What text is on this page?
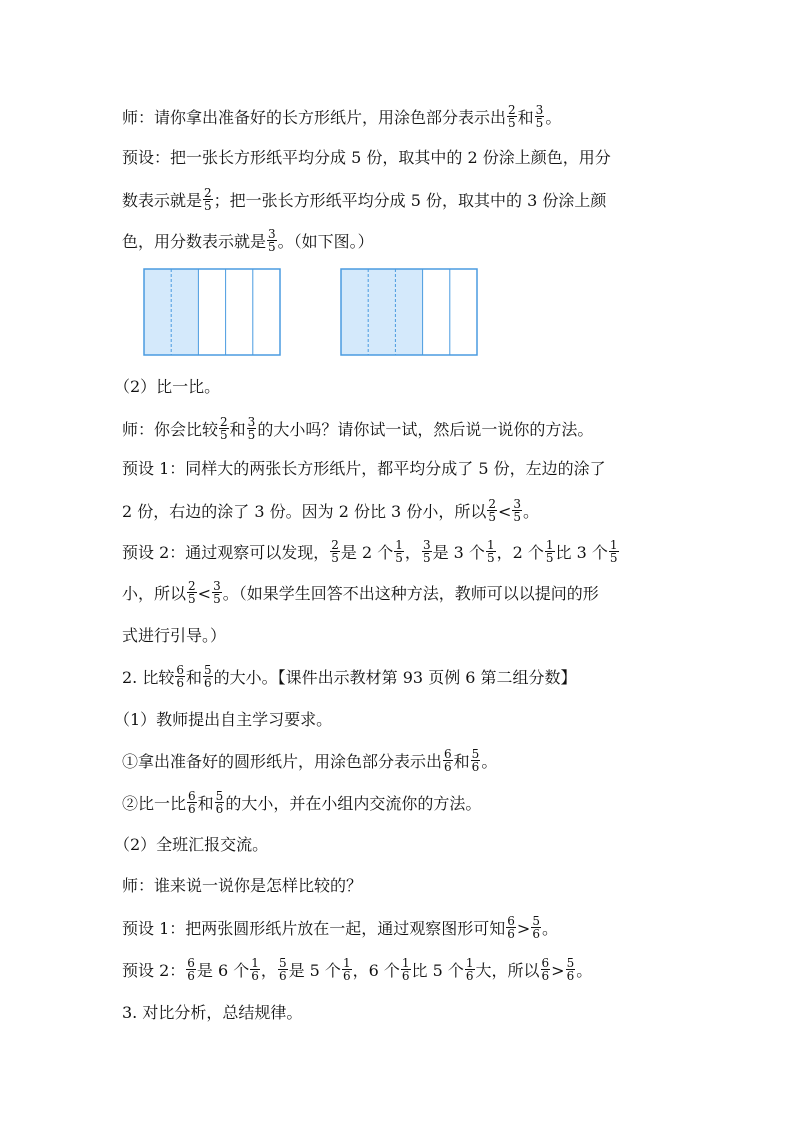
师：请你拿出准备好的长方形纸片，用涂色部分表示出 $\frac{2}{5}$ 和 $\frac{3}{5}$ 。
预设：把一张长方形纸平均分成 5 份，取其中的 2 份涂上颜色，用分
数表示就是 $\frac{2}{5}$ ；把一张长方形纸平均分成 5 份，取其中的 3 份涂上颜
色，用分数表示就是 $\frac{3}{5}$ 。（如下图。）
（2）比一比。
师：你会比较 $\frac{2}{5}$ 和 $\frac{3}{5}$ 的大小吗？请你试一试，然后说一说你的方法。
预设 1：同样大的两张长方形纸片，都平均分成了 5 份，左边的涂了
2 份，右边的涂了 3 份。因为 2 份比 3 份小，所以 $\frac{2}{5} < \frac{3}{5}$ 。
预设 2：通过观察可以发现， $\frac{2}{5}$ 是 2 个 $\frac{1}{5}$ ， $\frac{3}{5}$ 是 3 个 $\frac{1}{5}$ ，2 个 $\frac{1}{5}$ 比 3 个 $\frac{1}{5}$
小，所以 $\frac{2}{5} < \frac{3}{5}$ 。（如果学生回答不出这种方法，教师可以以提问的形
式进行引导。）
2. 比较 $\frac{6}{6}$ 和 $\frac{5}{6}$ 的大小。【课件出示教材第 93 页例 6 第二组分数】
（1）教师提出自主学习要求。
①拿出准备好的圆形纸片，用涂色部分表示出 $\frac{6}{6}$ 和 $\frac{5}{6}$ 。
②比一比 $\frac{6}{6}$ 和 $\frac{5}{6}$ 的大小，并在小组内交流你的方法。
（2）全班汇报交流。
师：谁来说一说你是怎样比较的？
预设 1：把两张圆形纸片放在一起，通过观察图形可知 $\frac{6}{6} > \frac{5}{6}$ 。
预设 2： $\frac{6}{6}$ 是 6 个 $\frac{1}{6}$ ， $\frac{5}{6}$ 是 5 个 $\frac{1}{6}$ ，6 个 $\frac{1}{6}$ 比 5 个 $\frac{1}{6}$ 大，所以 $\frac{6}{6} > \frac{5}{6}$ 。
3. 对比分析，总结规律。
